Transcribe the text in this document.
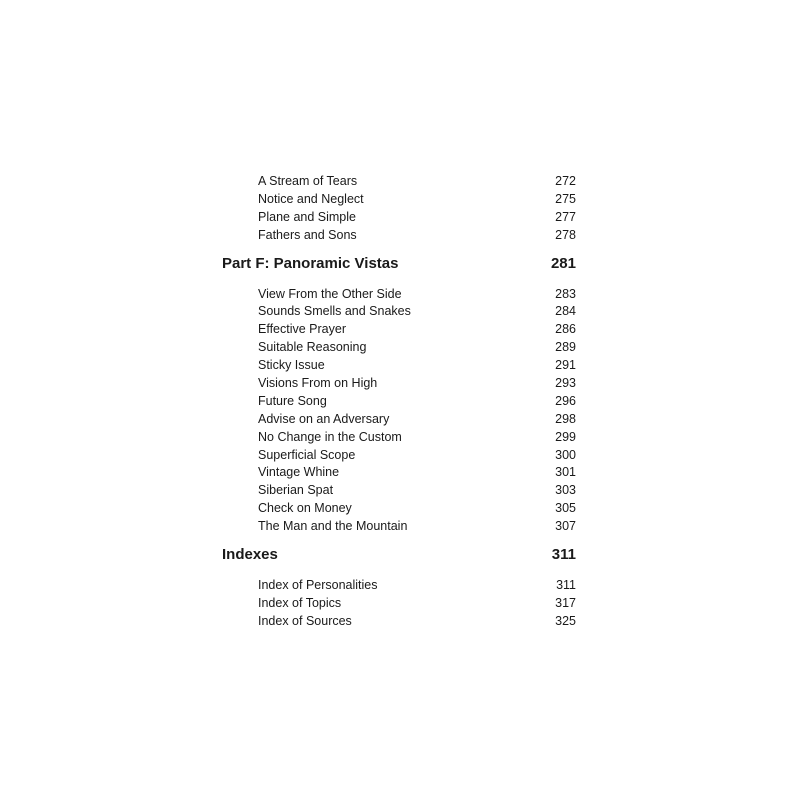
A Stream of Tears	272
Notice and Neglect	275
Plane and Simple	277
Fathers and Sons	278
Part F: Panoramic Vistas	281
View From the Other Side	283
Sounds Smells and Snakes	284
Effective Prayer	286
Suitable Reasoning	289
Sticky Issue	291
Visions From on High	293
Future Song	296
Advise on an Adversary	298
No Change in the Custom	299
Superficial Scope	300
Vintage Whine	301
Siberian Spat	303
Check on Money	305
The Man and the Mountain	307
Indexes	311
Index of Personalities	311
Index of Topics	317
Index of Sources	325
